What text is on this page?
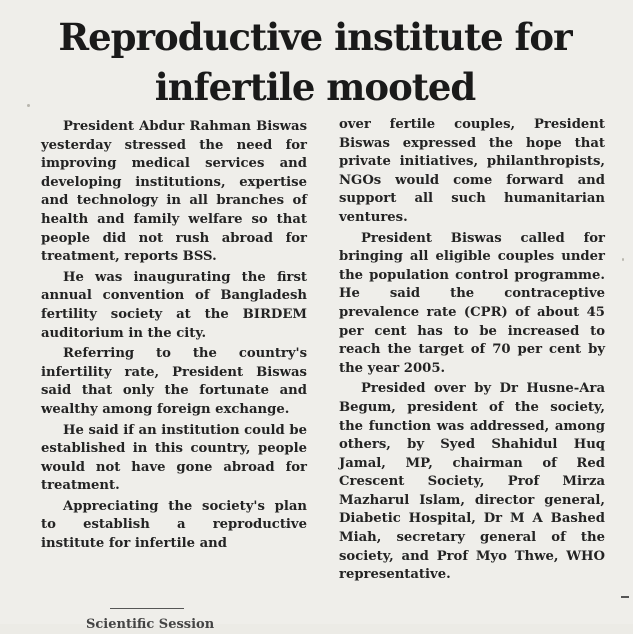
Reproductive institute for
infertile mooted

President Abdur Rahman Biswas yesterday stressed the need for improving medical services and developing institutions, expertise and technology in all branches of health and family welfare so that people did not rush abroad for treatment, reports BSS.

He was inaugurating the first annual convention of Bangladesh fertility society at the BIRDEM auditorium in the city.

Referring to the country's infertility rate, President Biswas said that only the fortunate and wealthy among foreign exchange.

He said if an institution could be established in this country, people would not have gone abroad for treatment.

Appreciating the society's plan to establish a reproductive institute for infertile and

over fertile couples, President Biswas expressed the hope that private initiatives, philanthropists, NGOs would come forward and support all such humanitarian ventures.

President Biswas called for bringing all eligible couples under the population control programme. He said the contraceptive prevalence rate (CPR) of about 45 per cent has to be increased to reach the target of 70 per cent by the year 2005.

Presided over by Dr Husne-Ara Begum, president of the society, the function was addressed, among others, by Syed Shahidul Huq Jamal, MP, chairman of Red Crescent Society, Prof Mirza Mazharul Islam, director general, Diabetic Hospital, Dr M A Bashed Miah, secretary general of the society, and Prof Myo Thwe, WHO representative.

Scientific Session
